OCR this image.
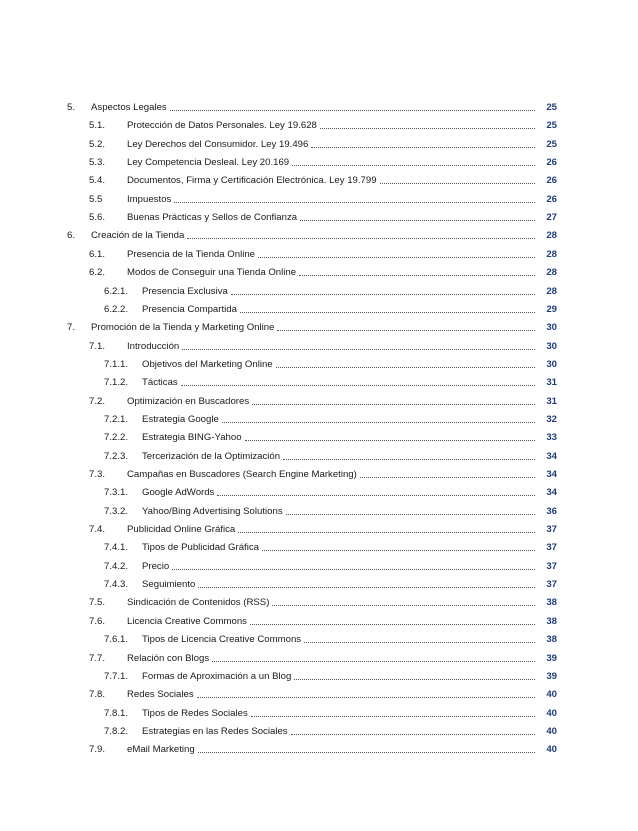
5.	Aspectos Legales	25
5.1.	Protección de Datos Personales. Ley 19.628	25
5.2.	Ley Derechos del Consumidor. Ley 19.496	25
5.3.	Ley Competencia Desleal. Ley 20.169	26
5.4.	Documentos, Firma y Certificación Electrónica. Ley 19.799	26
5.5	Impuestos	26
5.6.	Buenas Prácticas y Sellos de Confianza	27
6.	Creación de la Tienda	28
6.1.	Presencia de la Tienda Online	28
6.2.	Modos de Conseguir una Tienda Online	28
6.2.1.	Presencia Exclusiva	28
6.2.2.	Presencia Compartida	29
7.	Promoción de la Tienda y Marketing Online	30
7.1.	Introducción	30
7.1.1.	Objetivos del Marketing Online	30
7.1.2.	Tácticas	31
7.2.	Optimización en Buscadores	31
7.2.1.	Estrategia Google	32
7.2.2.	Estrategia BING-Yahoo	33
7.2.3.	Tercerización de la Optimización	34
7.3.	Campañas en Buscadores (Search Engine Marketing)	34
7.3.1.	Google AdWords	34
7.3.2.	Yahoo/Bing Advertising Solutions	36
7.4.	Publicidad Online Gráfica	37
7.4.1.	Tipos de Publicidad Gráfica	37
7.4.2.	Precio	37
7.4.3.	Seguimiento	37
7.5.	Sindicación de Contenidos (RSS)	38
7.6.	Licencia Creative Commons	38
7.6.1.	Tipos de Licencia Creative Commons	38
7.7.	Relación con Blogs	39
7.7.1.	Formas de Aproximación a un Blog	39
7.8.	Redes Sociales	40
7.8.1.	Tipos de Redes Sociales	40
7.8.2.	Estrategias en las Redes Sociales	40
7.9.	eMail Marketing	40
